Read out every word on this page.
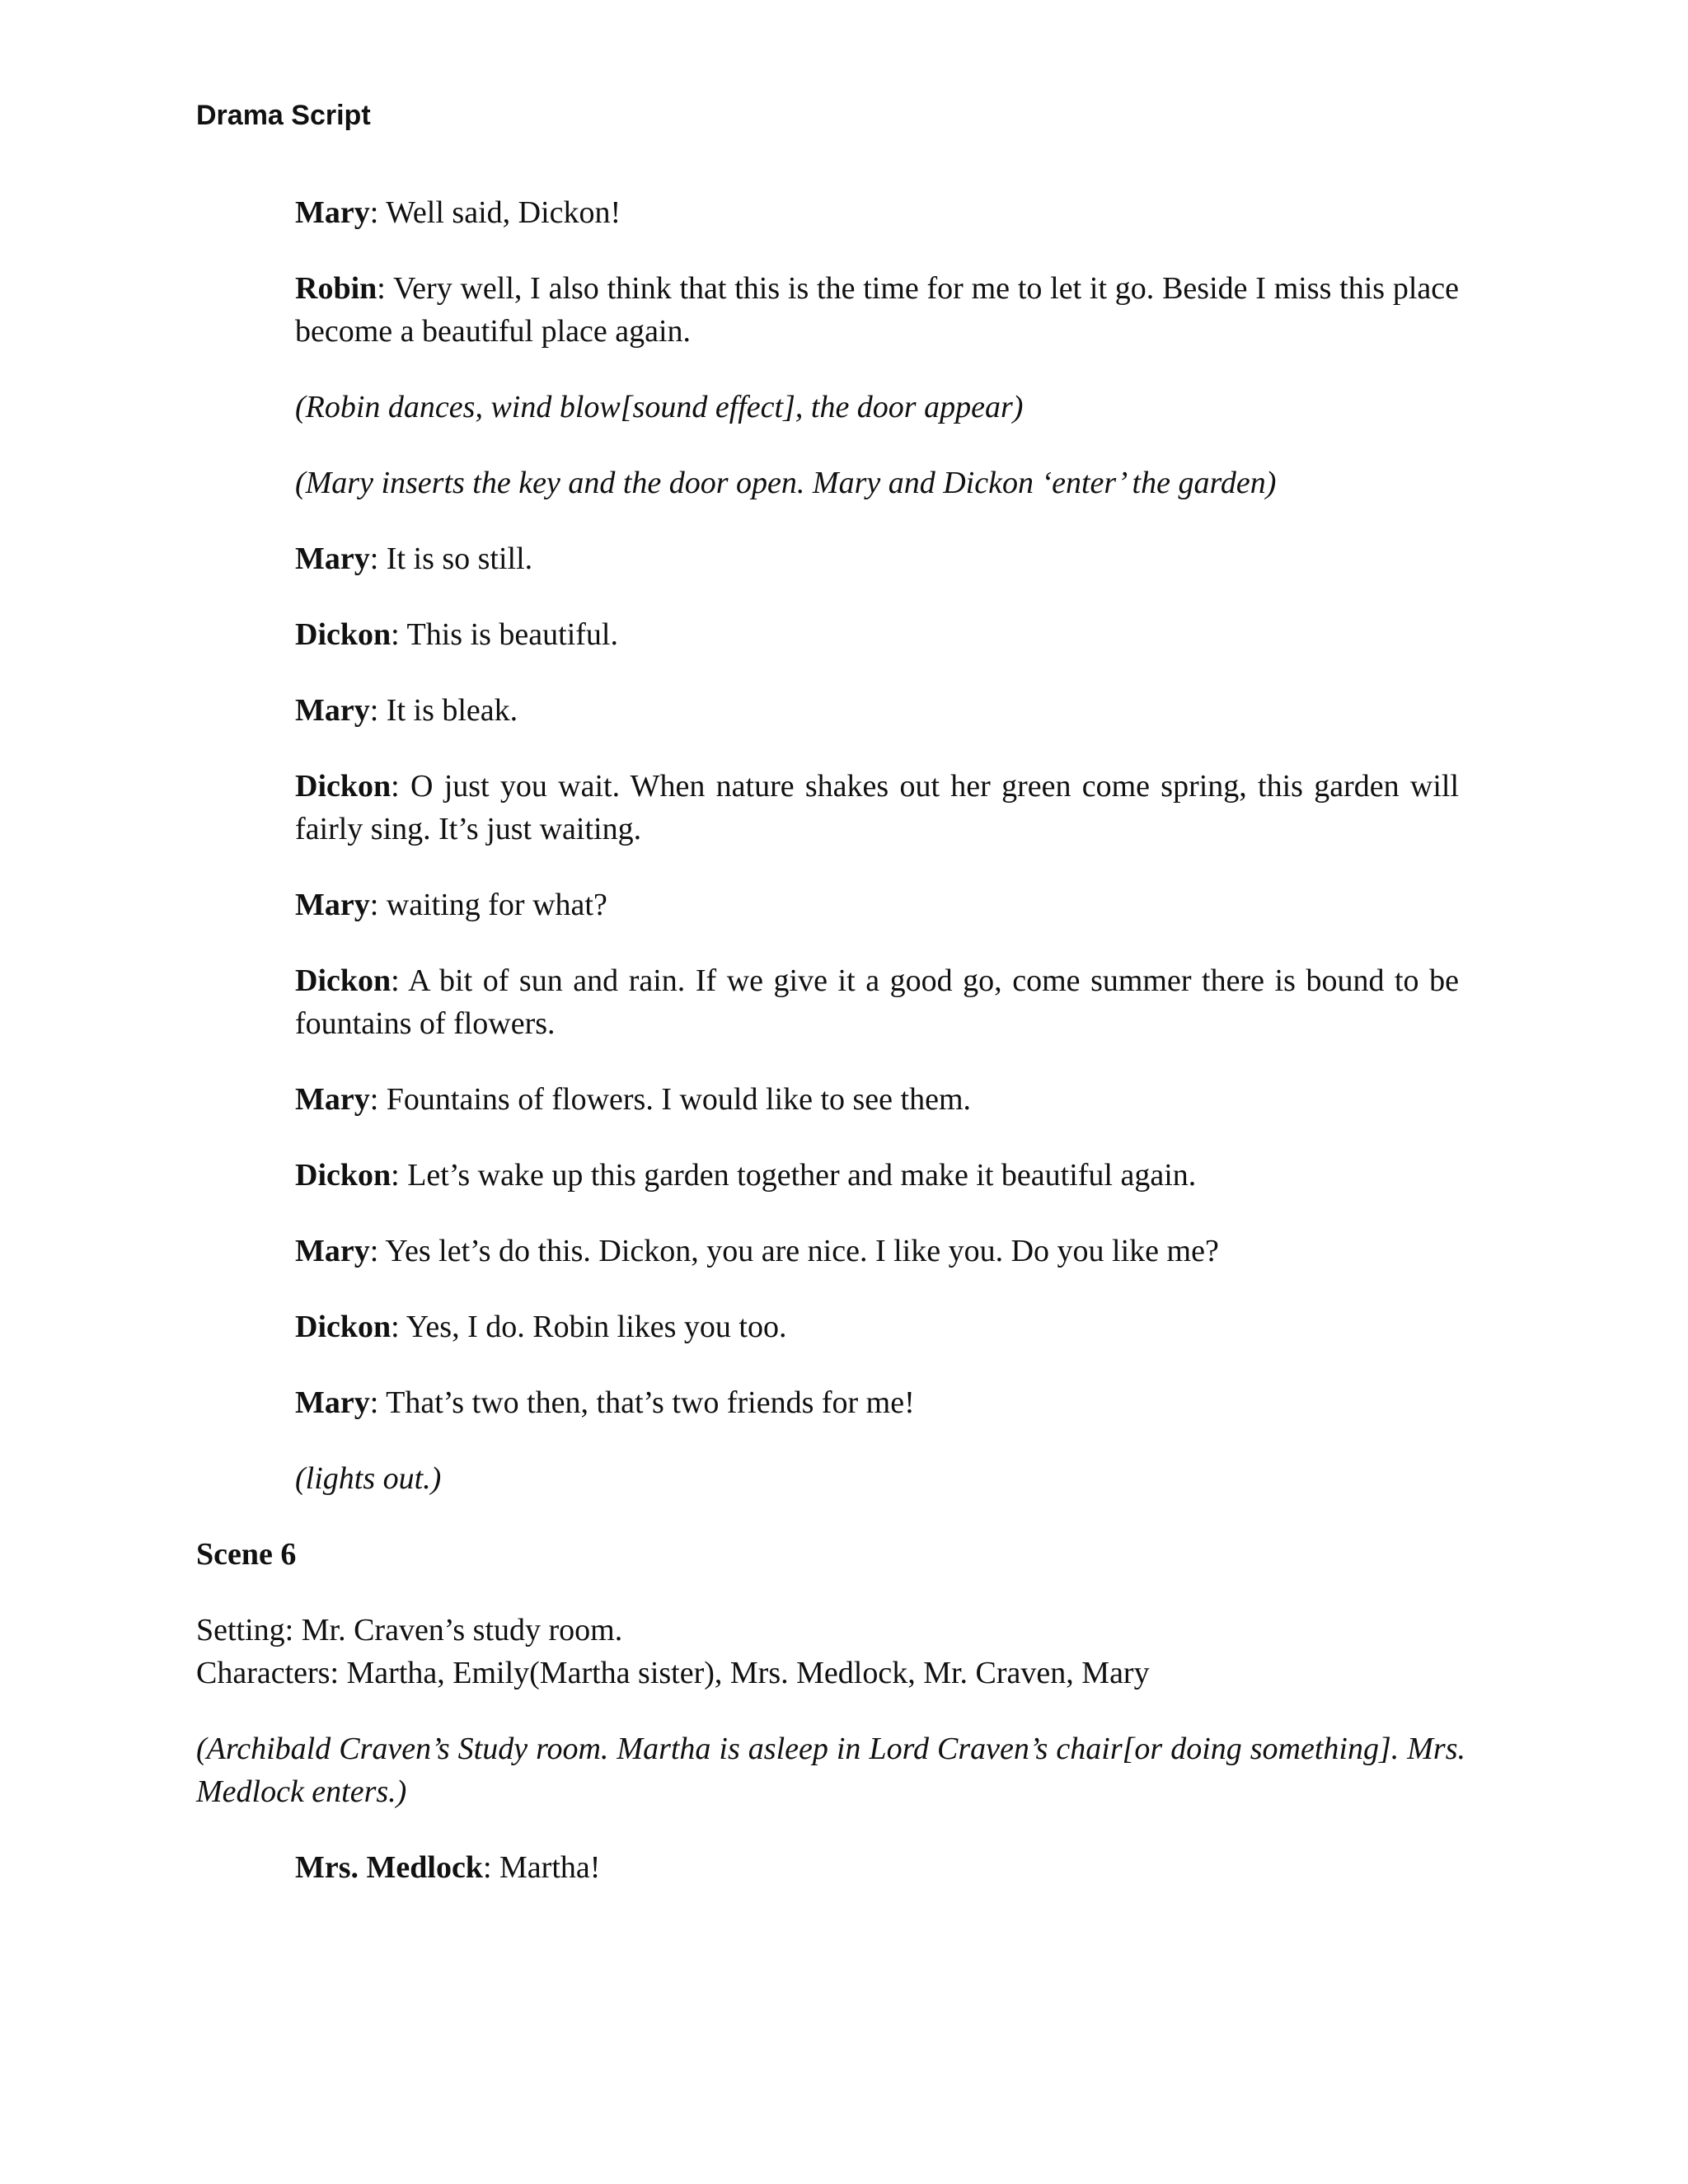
Drama Script

Mary: Well said, Dickon!

Robin: Very well, I also think that this is the time for me to let it go. Beside I miss this place become a beautiful place again.

(Robin dances, wind blow[sound effect], the door appear)

(Mary inserts the key and the door open. Mary and Dickon ‘enter’ the garden)

Mary: It is so still.

Dickon: This is beautiful.

Mary: It is bleak.

Dickon: O just you wait. When nature shakes out her green come spring, this garden will fairly sing. It’s just waiting.

Mary: waiting for what?

Dickon: A bit of sun and rain. If we give it a good go, come summer there is bound to be fountains of flowers.

Mary: Fountains of flowers. I would like to see them.

Dickon: Let’s wake up this garden together and make it beautiful again.

Mary: Yes let’s do this. Dickon, you are nice. I like you. Do you like me?

Dickon: Yes, I do. Robin likes you too.

Mary: That’s two then, that’s two friends for me!

(lights out.)

Scene 6

Setting: Mr. Craven’s study room.
Characters: Martha, Emily(Martha sister), Mrs. Medlock, Mr. Craven, Mary

(Archibald Craven’s Study room. Martha is asleep in Lord Craven’s chair[or doing something]. Mrs. Medlock enters.)

Mrs. Medlock: Martha!
